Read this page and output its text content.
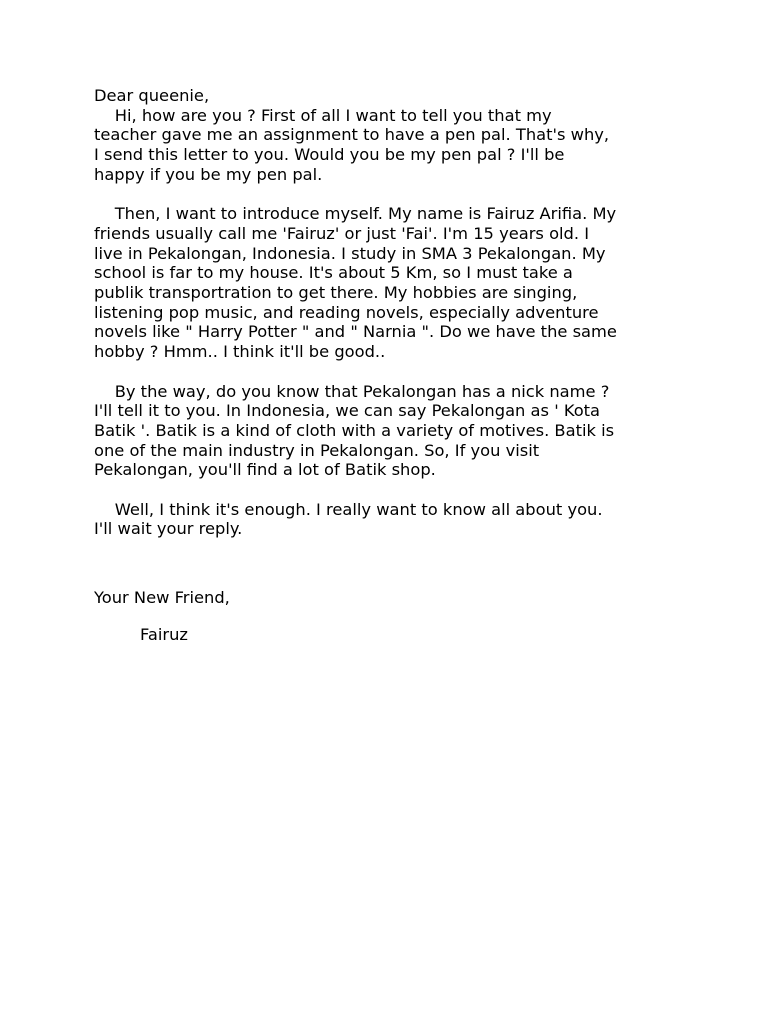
Dear queenie,

Hi, how are you ? First of all I want to tell you that my
teacher gave me an assignment to have a pen pal. That's why,
I send this letter to you. Would you be my pen pal ? I'll be
happy if you be my pen pal.
Then, I want to introduce myself. My name is Fairuz Arifia. My
friends usually call me 'Fairuz' or just 'Fai'. I'm 15 years old. I
live in Pekalongan, Indonesia. I study in SMA 3 Pekalongan. My
school is far to my house. It's about 5 Km, so I must take a
publik transportration to get there. My hobbies are singing,
listening pop music, and reading novels, especially adventure
novels like " Harry Potter " and " Narnia ". Do we have the same
hobby ? Hmm.. I think it'll be good..
By the way, do you know that Pekalongan has a nick name ?
I'll tell it to you. In Indonesia, we can say Pekalongan as ' Kota
Batik '. Batik is a kind of cloth with a variety of motives. Batik is
one of the main industry in Pekalongan. So, If you visit
Pekalongan, you'll find a lot of Batik shop.
Well, I think it's enough. I really want to know all about you.
I'll wait your reply.

Your New Friend,

Fairuz
